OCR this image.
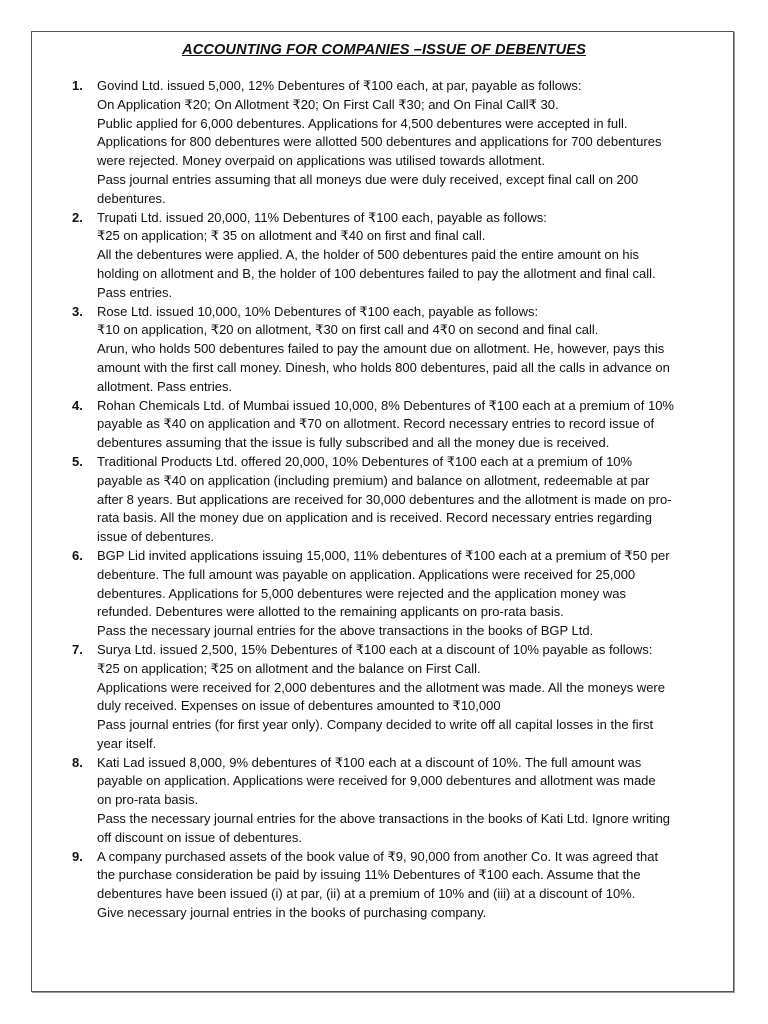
ACCOUNTING FOR COMPANIES –ISSUE OF DEBENTUES
1.	Govind Ltd. issued 5,000, 12% Debentures of ₹100 each, at par, payable as follows:
On Application ₹20; On Allotment ₹20; On First Call ₹30; and On Final Call₹ 30.
Public applied for 6,000 debentures. Applications for 4,500 debentures were accepted in full.
Applications for 800 debentures were allotted 500 debentures and applications for 700 debentures
were rejected. Money overpaid on applications was utilised towards allotment.
Pass journal entries assuming that all moneys due were duly received, except final call on 200
debentures.
2.	Trupati Ltd. issued 20,000, 11% Debentures of ₹100 each, payable as follows:
₹25 on application; ₹ 35 on allotment and ₹40 on first and final call.
All the debentures were applied. A, the holder of 500 debentures paid the entire amount on his
holding on allotment and B, the holder of 100 debentures failed to pay the allotment and final call.
Pass entries.
3.	Rose Ltd. issued 10,000, 10% Debentures of ₹100 each, payable as follows:
₹10 on application, ₹20 on allotment, ₹30 on first call and 4₹0 on second and final call.
Arun, who holds 500 debentures failed to pay the amount due on allotment. He, however, pays this
amount with the first call money. Dinesh, who holds 800 debentures, paid all the calls in advance on
allotment. Pass entries.
4.	Rohan Chemicals Ltd. of Mumbai issued 10,000, 8% Debentures of ₹100 each at a premium of 10%
payable as ₹40 on application and ₹70 on allotment. Record necessary entries to record issue of
debentures assuming that the issue is fully subscribed and all the money due is received.
5.	Traditional Products Ltd. offered 20,000, 10% Debentures of ₹100 each at a premium of 10%
payable as ₹40 on application (including premium) and balance on allotment, redeemable at par
after 8 years. But applications are received for 30,000 debentures and the allotment is made on pro-
rata basis. All the money due on application and is received. Record necessary entries regarding
issue of debentures.
6.	BGP Lid invited applications issuing 15,000, 11% debentures of ₹100 each at a premium of ₹50 per
debenture. The full amount was payable on application. Applications were received for 25,000
debentures. Applications for 5,000 debentures were rejected and the application money was
refunded. Debentures were allotted to the remaining applicants on pro-rata basis.
Pass the necessary journal entries for the above transactions in the books of BGP Ltd.
7.	Surya Ltd. issued 2,500, 15% Debentures of ₹100 each at a discount of 10% payable as follows:
₹25 on application; ₹25 on allotment and the balance on First Call.
Applications were received for 2,000 debentures and the allotment was made. All the moneys were
duly received. Expenses on issue of debentures amounted to ₹10,000
Pass journal entries (for first year only). Company decided to write off all capital losses in the first
year itself.
8.	Kati Lad issued 8,000, 9% debentures of ₹100 each at a discount of 10%. The full amount was
payable on application. Applications were received for 9,000 debentures and allotment was made
on pro-rata basis.
Pass the necessary journal entries for the above transactions in the books of Kati Ltd. Ignore writing
off discount on issue of debentures.
9.	A company purchased assets of the book value of ₹9, 90,000 from another Co. It was agreed that
the purchase consideration be paid by issuing 11% Debentures of ₹100 each. Assume that the
debentures have been issued (i) at par, (ii) at a premium of 10% and (iii) at a discount of 10%.
Give necessary journal entries in the books of purchasing company.
